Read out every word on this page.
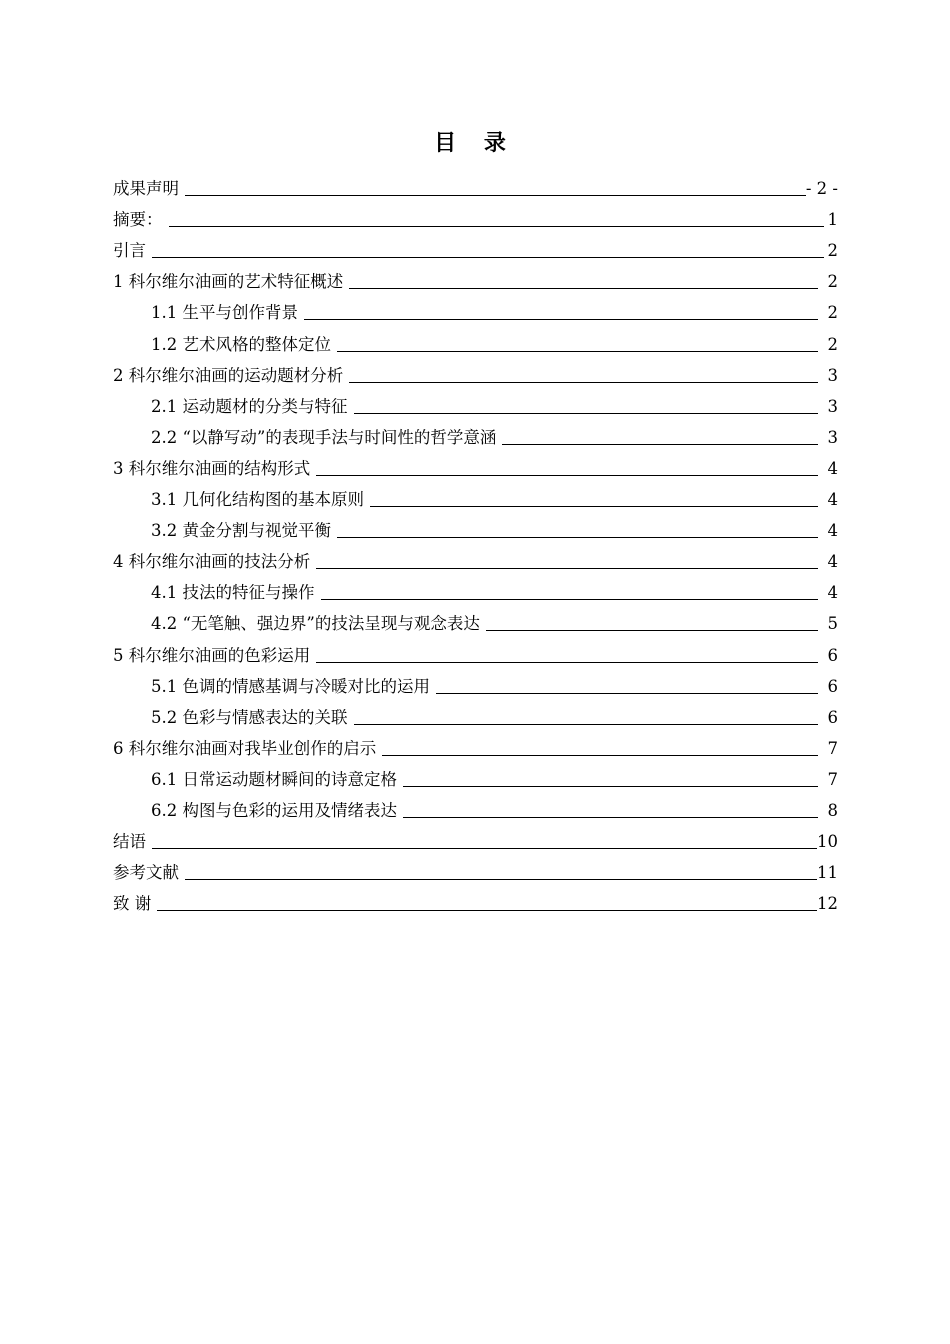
目 录
成果声明	- 2 -
摘要：	1
引言	2
1 科尔维尔油画的艺术特征概述	2
1.1 生平与创作背景	2
1.2 艺术风格的整体定位	2
2 科尔维尔油画的运动题材分析	3
2.1 运动题材的分类与特征	3
2.2 “以静写动”的表现手法与时间性的哲学意涵	3
3 科尔维尔油画的结构形式	4
3.1 几何化结构图的基本原则	4
3.2 黄金分割与视觉平衡	4
4 科尔维尔油画的技法分析	4
4.1 技法的特征与操作	4
4.2 “无笔触、强边界”的技法呈现与观念表达	5
5 科尔维尔油画的色彩运用	6
5.1 色调的情感基调与冷暖对比的运用	6
5.2 色彩与情感表达的关联	6
6 科尔维尔油画对我毕业创作的启示	7
6.1 日常运动题材瞬间的诗意定格	7
6.2 构图与色彩的运用及情绪表达	8
结语	10
参考文献	11
致 谢	12
